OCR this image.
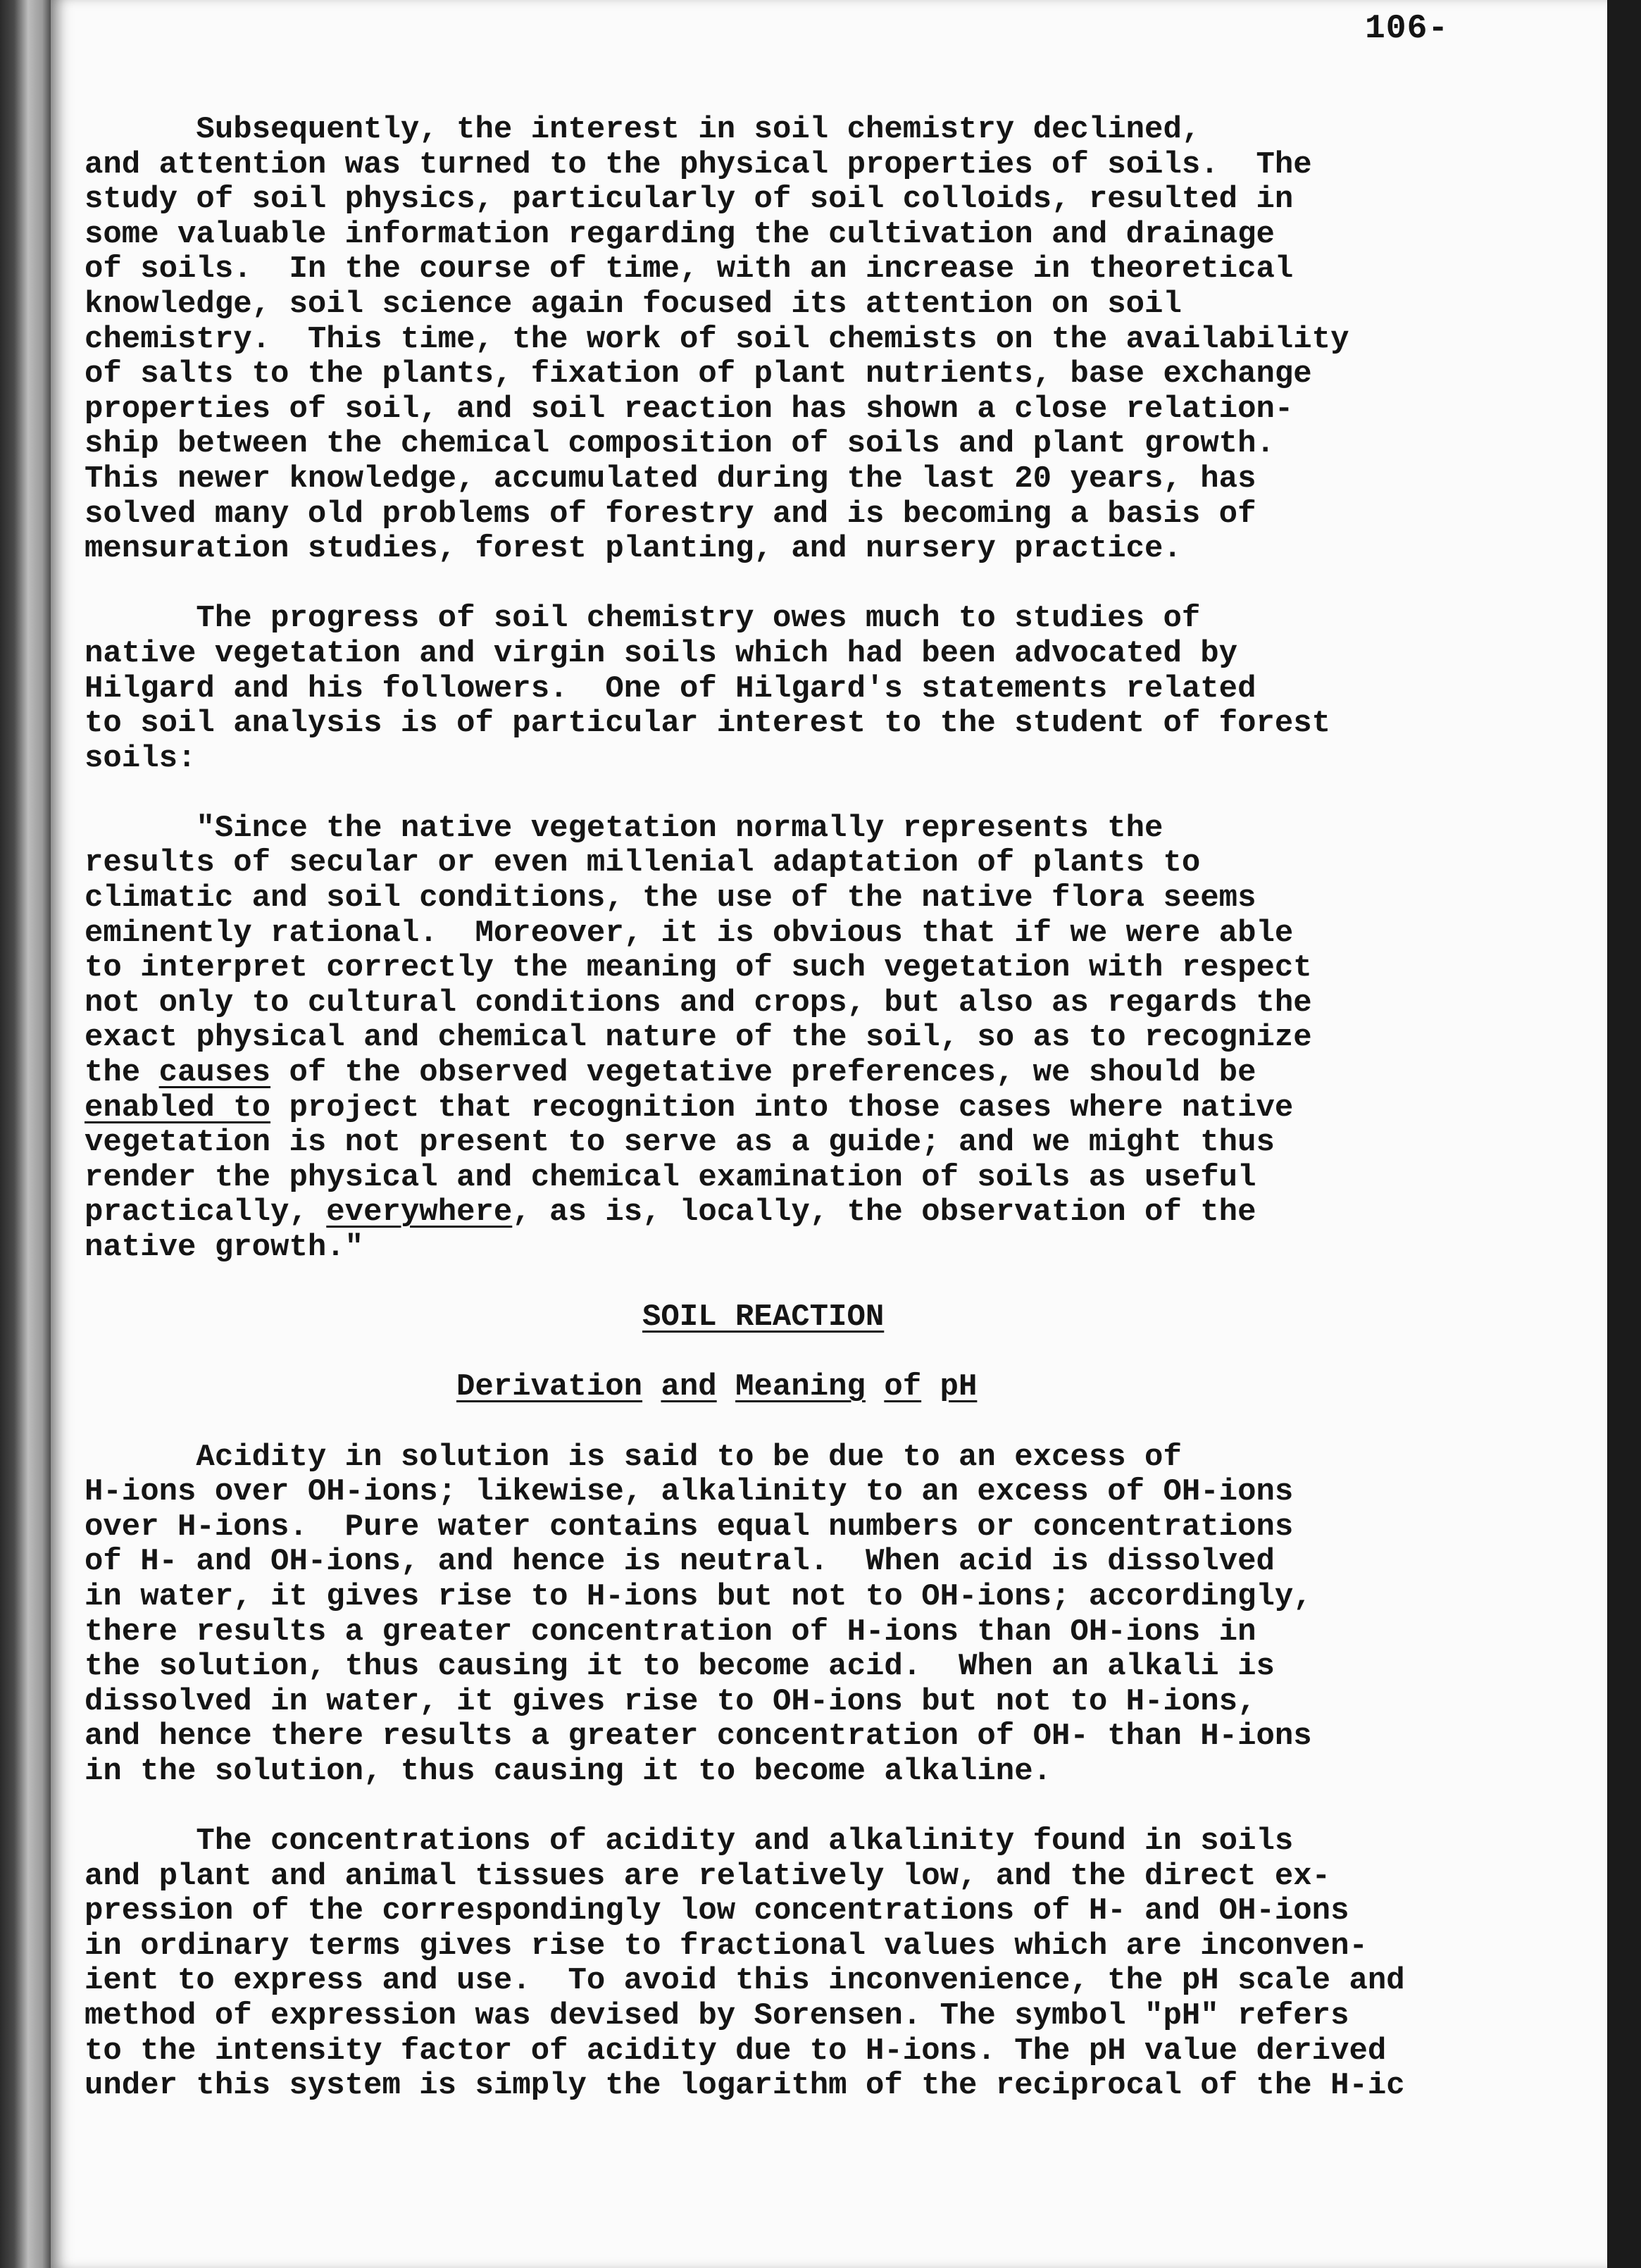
106-
Subsequently, the interest in soil chemistry declined,
and attention was turned to the physical properties of soils.  The
study of soil physics, particularly of soil colloids, resulted in
some valuable information regarding the cultivation and drainage
of soils.  In the course of time, with an increase in theoretical
knowledge, soil science again focused its attention on soil
chemistry.  This time, the work of soil chemists on the availability
of salts to the plants, fixation of plant nutrients, base exchange
properties of soil, and soil reaction has shown a close relation-
ship between the chemical composition of soils and plant growth.
This newer knowledge, accumulated during the last 20 years, has
solved many old problems of forestry and is becoming a basis of
mensuration studies, forest planting, and nursery practice.
The progress of soil chemistry owes much to studies of
native vegetation and virgin soils which had been advocated by
Hilgard and his followers.  One of Hilgard's statements related
to soil analysis is of particular interest to the student of forest
soils:
"Since the native vegetation normally represents the
results of secular or even millenial adaptation of plants to
climatic and soil conditions, the use of the native flora seems
eminently rational.  Moreover, it is obvious that if we were able
to interpret correctly the meaning of such vegetation with respect
not only to cultural conditions and crops, but also as regards the
exact physical and chemical nature of the soil, so as to recognize
the causes of the observed vegetative preferences, we should be
enabled to project that recognition into those cases where native
vegetation is not present to serve as a guide; and we might thus
render the physical and chemical examination of soils as useful
practically, everywhere, as is, locally, the observation of the
native growth."
SOIL REACTION
Derivation and Meaning of pH
Acidity in solution is said to be due to an excess of
H-ions over OH-ions; likewise, alkalinity to an excess of OH-ions
over H-ions.  Pure water contains equal numbers or concentrations
of H- and OH-ions, and hence is neutral.  When acid is dissolved
in water, it gives rise to H-ions but not to OH-ions; accordingly,
there results a greater concentration of H-ions than OH-ions in
the solution, thus causing it to become acid.  When an alkali is
dissolved in water, it gives rise to OH-ions but not to H-ions,
and hence there results a greater concentration of OH- than H-ions
in the solution, thus causing it to become alkaline.
The concentrations of acidity and alkalinity found in soils
and plant and animal tissues are relatively low, and the direct ex-
pression of the correspondingly low concentrations of H- and OH-ions
in ordinary terms gives rise to fractional values which are inconven-
ient to express and use.  To avoid this inconvenience, the pH scale and
method of expression was devised by Sorensen. The symbol "pH" refers
to the intensity factor of acidity due to H-ions. The pH value derived
under this system is simply the logarithm of the reciprocal of the H-ic
